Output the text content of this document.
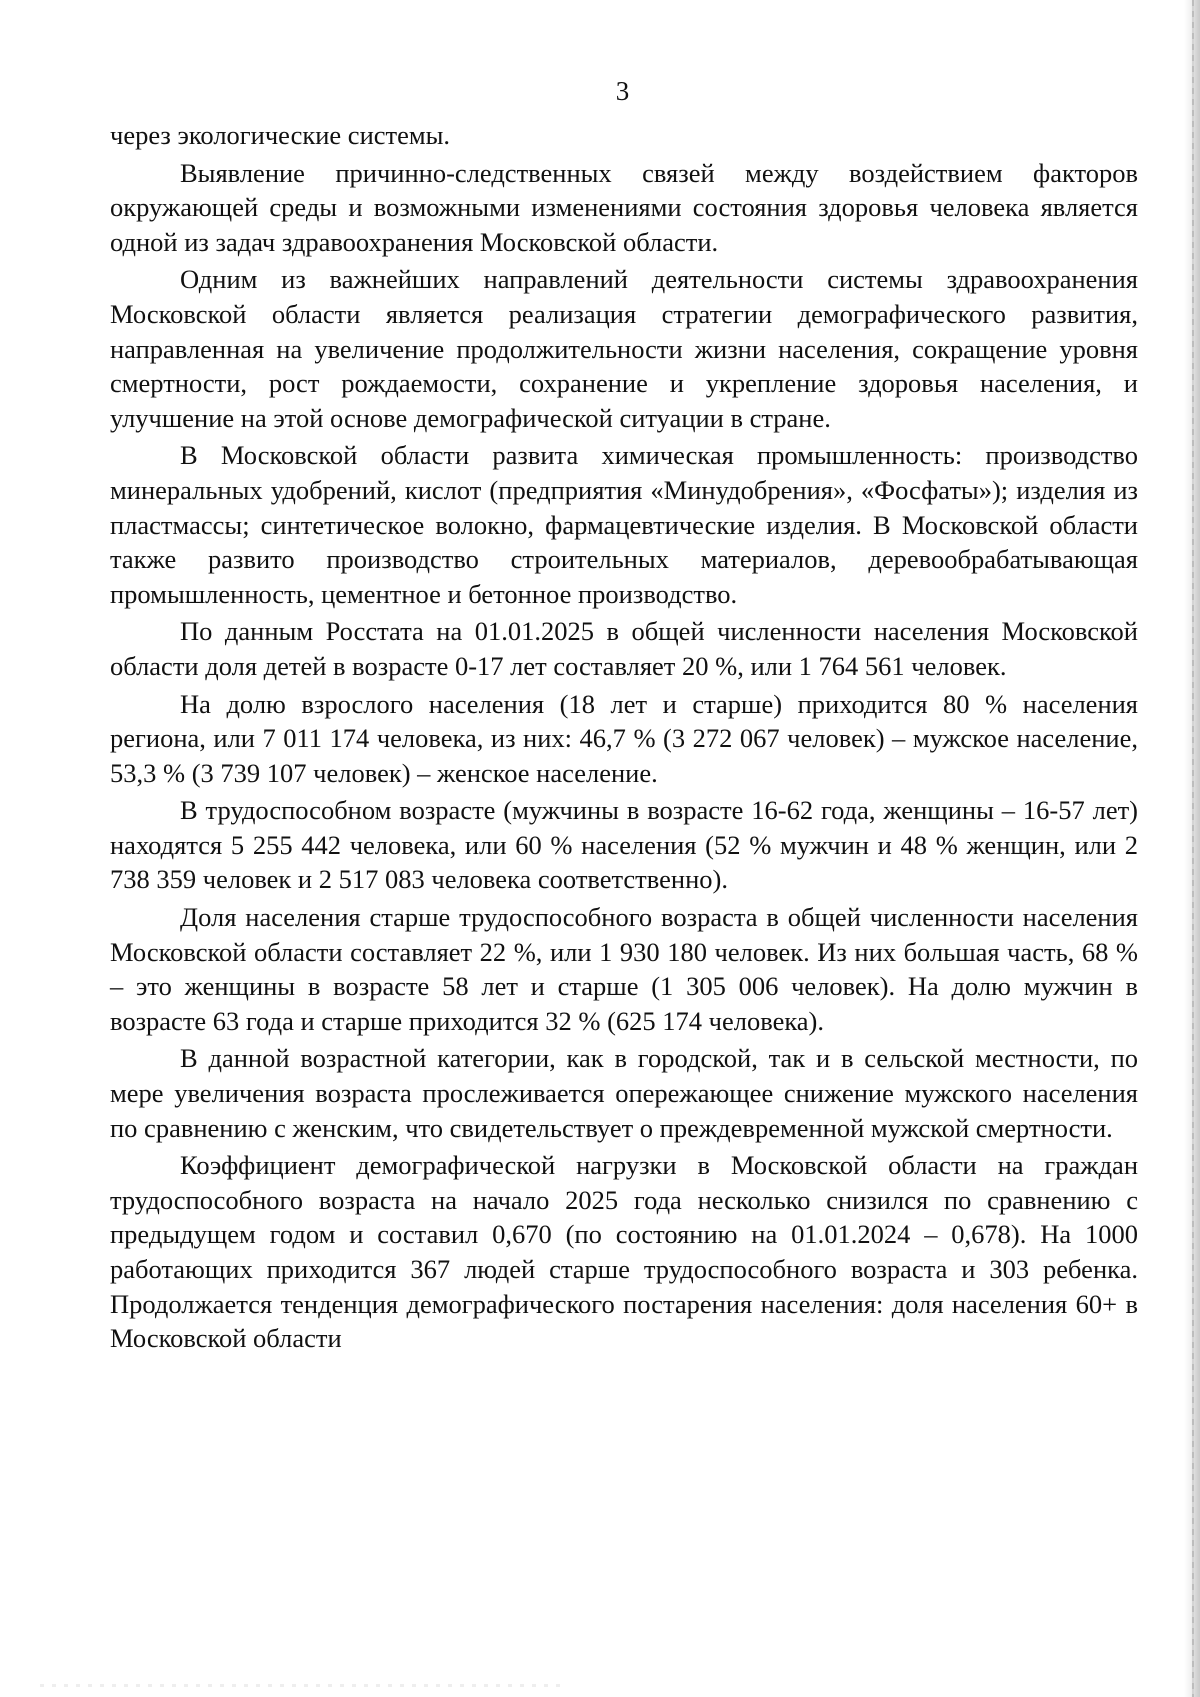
3

через экологические системы.

Выявление причинно-следственных связей между воздействием факторов окружающей среды и возможными изменениями состояния здоровья человека является одной из задач здравоохранения Московской области.

Одним из важнейших направлений деятельности системы здравоохранения Московской области является реализация стратегии демографического развития, направленная на увеличение продолжительности жизни населения, сокращение уровня смертности, рост рождаемости, сохранение и укрепление здоровья населения, и улучшение на этой основе демографической ситуации в стране.

В Московской области развита химическая промышленность: производство минеральных удобрений, кислот (предприятия «Минудобрения», «Фосфаты»); изделия из пластмассы; синтетическое волокно, фармацевтические изделия. В Московской области также развито производство строительных материалов, деревообрабатывающая промышленность, цементное и бетонное производство.

По данным Росстата на 01.01.2025 в общей численности населения Московской области доля детей в возрасте 0-17 лет составляет 20 %, или 1 764 561 человек.

На долю взрослого населения (18 лет и старше) приходится 80 % населения региона, или 7 011 174 человека, из них: 46,7 % (3 272 067 человек) – мужское население, 53,3 % (3 739 107 человек) – женское население.

В трудоспособном возрасте (мужчины в возрасте 16-62 года, женщины – 16-57 лет) находятся 5 255 442 человека, или 60 % населения (52 % мужчин и 48 % женщин, или 2 738 359 человек и 2 517 083 человека соответственно).

Доля населения старше трудоспособного возраста в общей численности населения Московской области составляет 22 %, или 1 930 180 человек. Из них большая часть, 68 % – это женщины в возрасте 58 лет и старше (1 305 006 человек). На долю мужчин в возрасте 63 года и старше приходится 32 % (625 174 человека).

В данной возрастной категории, как в городской, так и в сельской местности, по мере увеличения возраста прослеживается опережающее снижение мужского населения по сравнению с женским, что свидетельствует о преждевременной мужской смертности.

Коэффициент демографической нагрузки в Московской области на граждан трудоспособного возраста на начало 2025 года несколько снизился по сравнению с предыдущем годом и составил 0,670 (по состоянию на 01.01.2024 – 0,678). На 1000 работающих приходится 367 людей старше трудоспособного возраста и 303 ребенка. Продолжается тенденция демографического постарения населения: доля населения 60+ в Московской области
